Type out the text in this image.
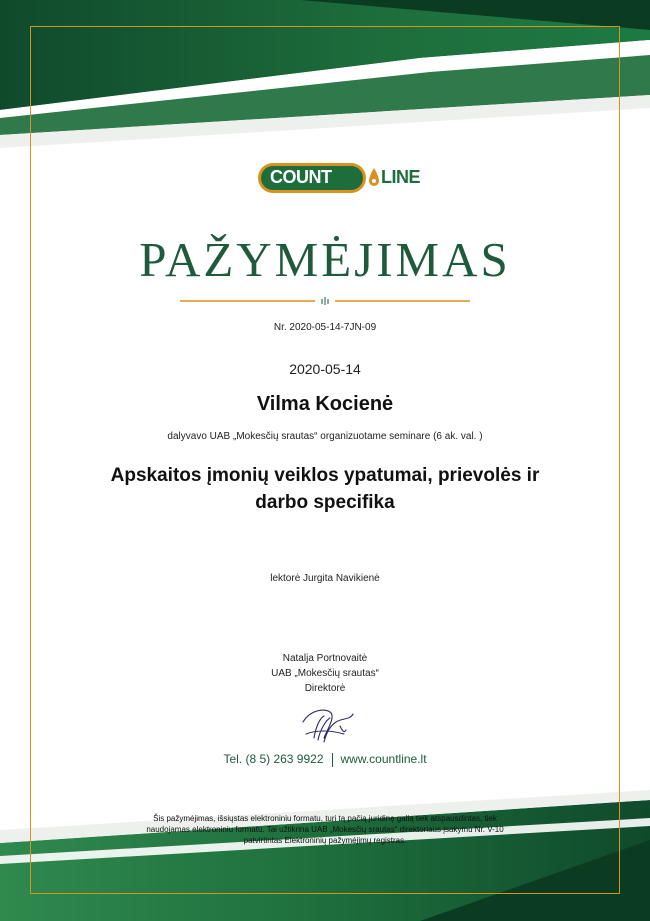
COUNT	LINE
PAŽYMĖJIMAS
Nr. 2020-05-14-7JN-09
2020-05-14
Vilma Kocienė
dalyvavo UAB „Mokesčių srautas“ organizuotame seminare (6 ak. val. )
Apskaitos įmonių veiklos ypatumai, prievolės ir
darbo specifika
lektorė Jurgita Navikienė
Natalja Portnovaitė
UAB „Mokesčių srautas“
Direktorė
Tel. (8 5) 263 9922 www.countline.lt
Šis pažymėjimas, išsiųstas elektroniniu formatu, turi tą pačią juridinę galią tiek atspausdintas, tiek
naudojamas elektroniniu formatu. Tai užtikrina UAB „Mokesčių srautas“ direktoriaus įsakymu Nr. V-10
patvirtintas Elektroninių pažymėjimų registras.
